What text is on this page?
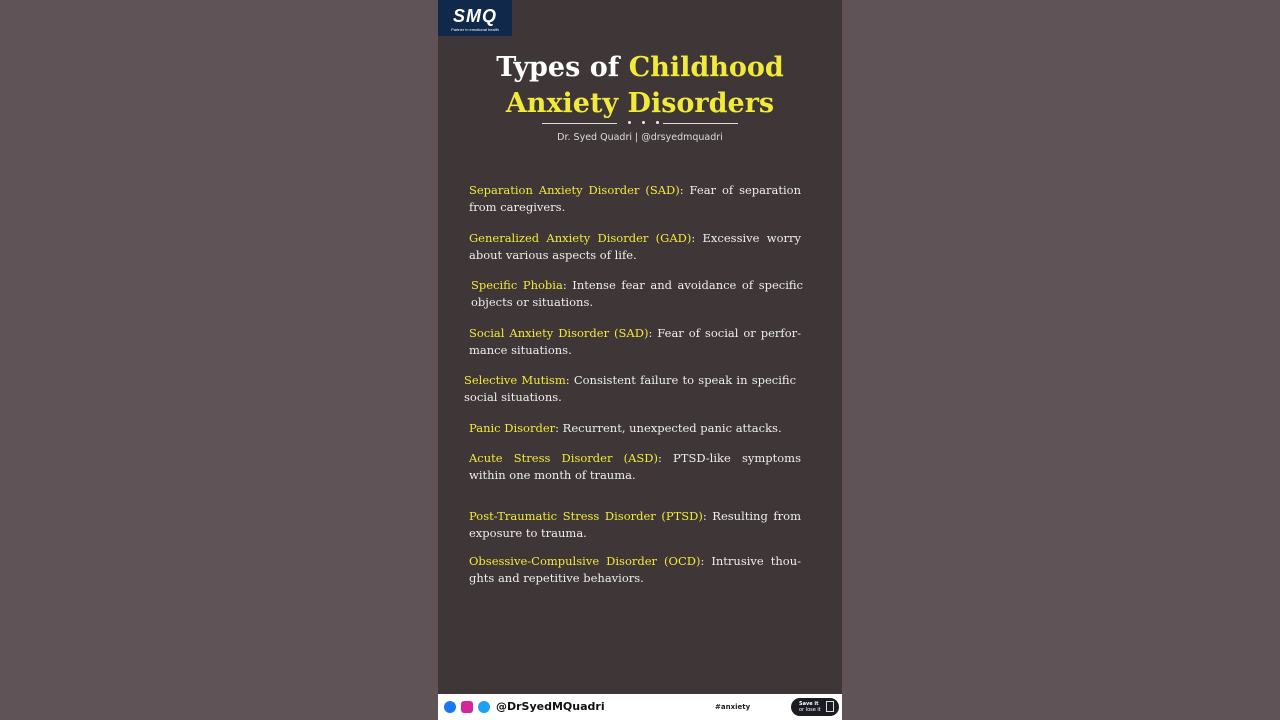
SMQ
Partner in emotional health
Types of Childhood
Anxiety Disorders
Dr. Syed Quadri | @drsyedmquadri
Separation Anxiety Disorder (SAD): Fear of separation from caregivers.
Generalized Anxiety Disorder (GAD): Excessive worry about various aspects of life.
Specific Phobia: Intense fear and avoidance of specific objects or situations.
Social Anxiety Disorder (SAD): Fear of social or perfor-mance situations.
Selective Mutism: Consistent failure to speak in specific social situations.
Panic Disorder: Recurrent, unexpected panic attacks.
Acute Stress Disorder (ASD): PTSD-like symptoms within one month of trauma.
Post-Traumatic Stress Disorder (PTSD): Resulting from exposure to trauma.
Obsessive-Compulsive Disorder (OCD): Intrusive thou-ghts and repetitive behaviors.
@DrSyedMQuadri	#anxiety	Save it
or lose it
